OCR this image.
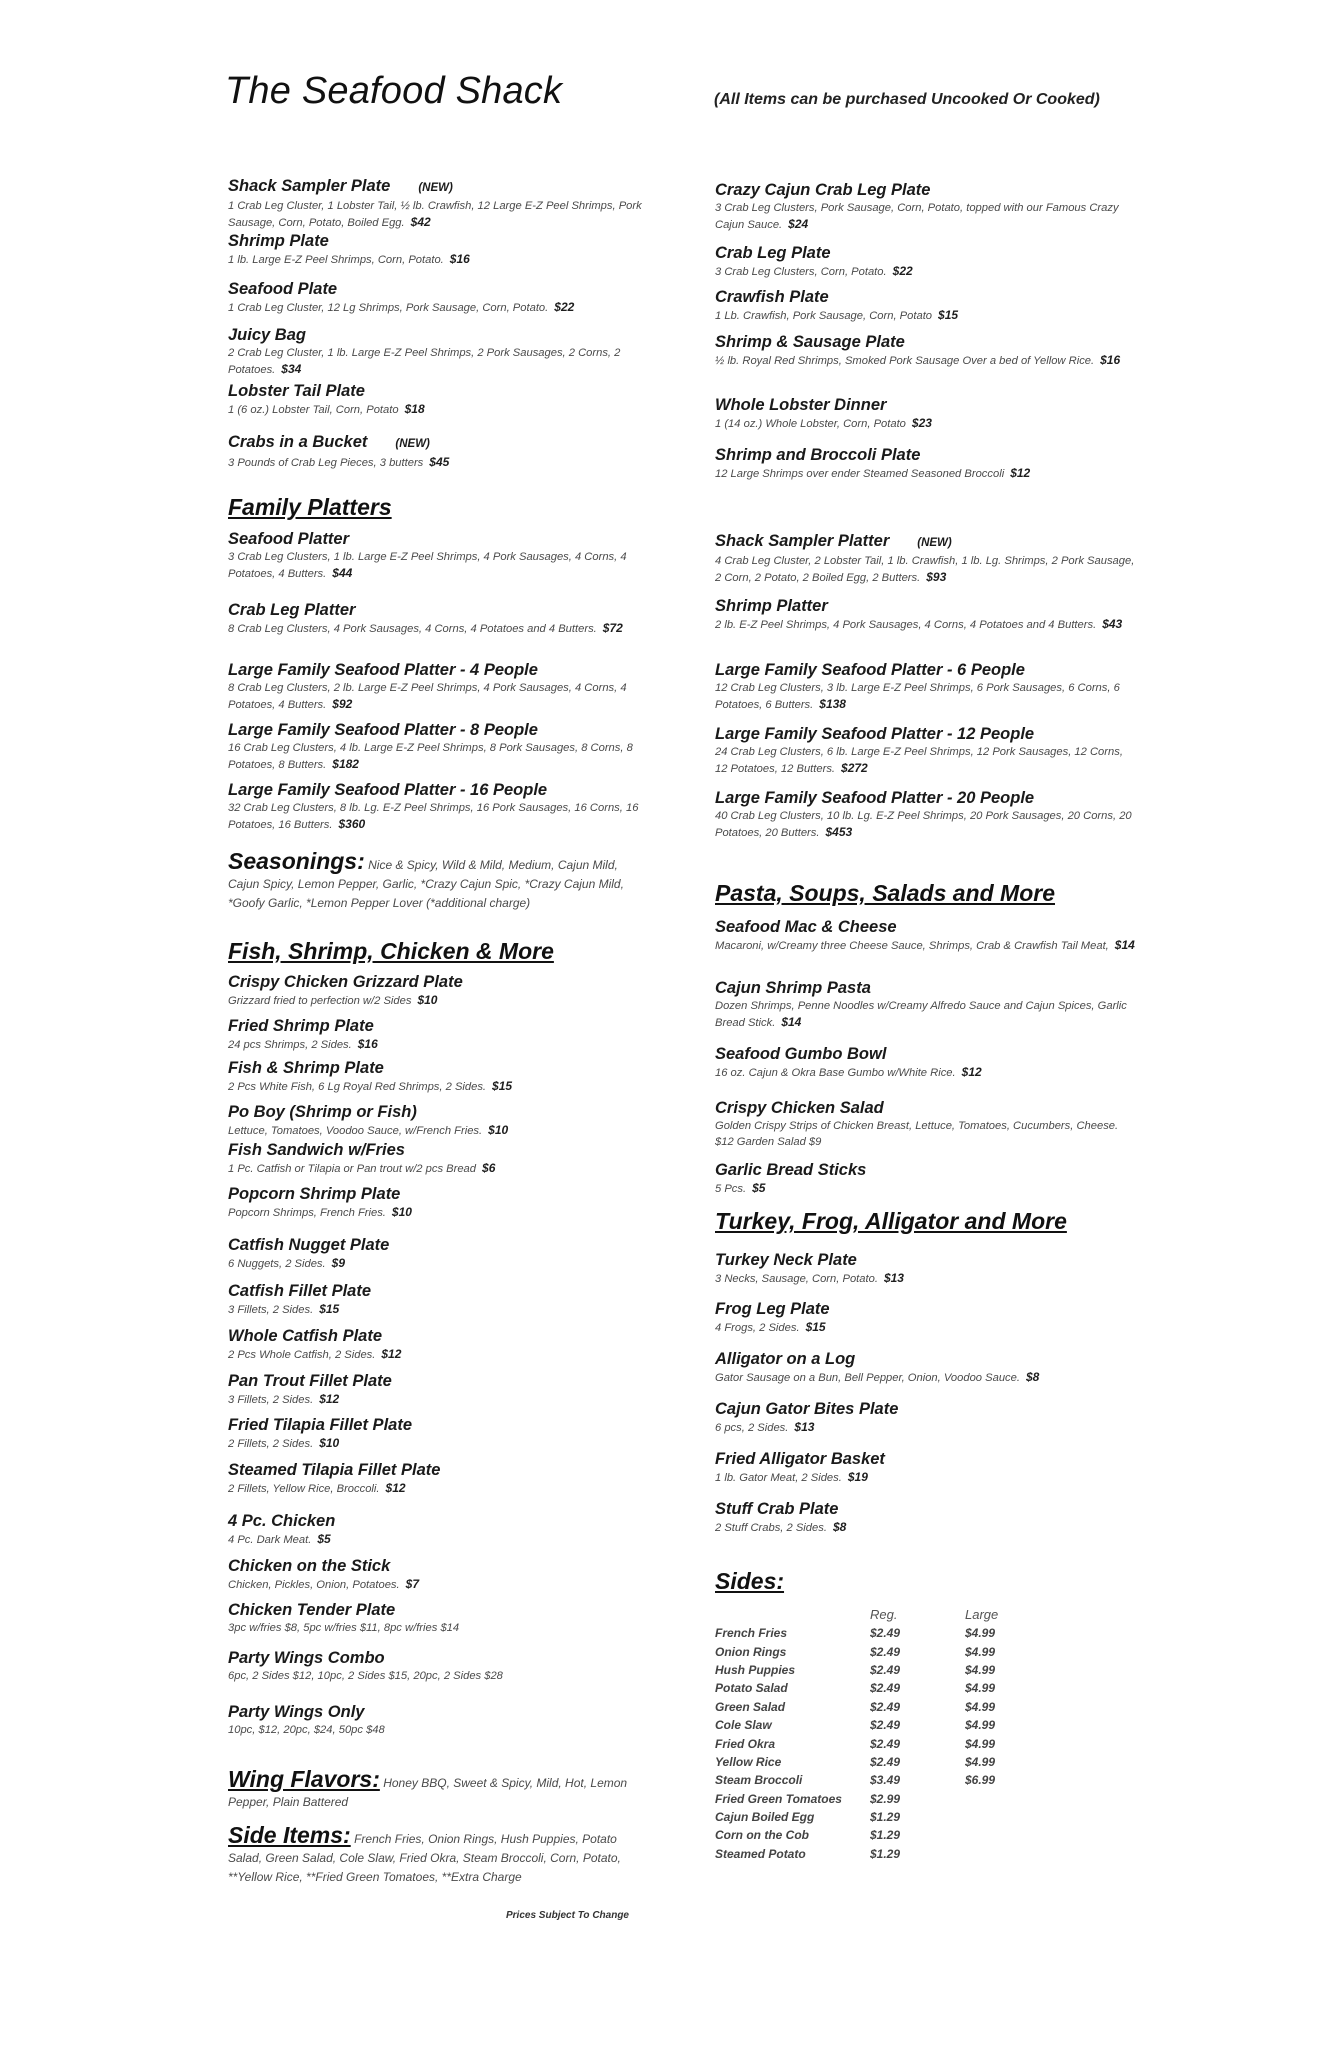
The Seafood Shack	(All Items can be purchased Uncooked Or Cooked)
Shack Sampler Plate (NEW)
1 Crab Leg Cluster, 1 Lobster Tail, ½ lb. Crawfish, 12 Large E-Z Peel Shrimps, Pork Sausage, Corn, Potato, Boiled Egg. $42
Shrimp Plate
1 lb. Large E-Z Peel Shrimps, Corn, Potato. $16
Seafood Plate
1 Crab Leg Cluster, 12 Lg Shrimps, Pork Sausage, Corn, Potato. $22
Juicy Bag
2 Crab Leg Cluster, 1 lb. Large E-Z Peel Shrimps, 2 Pork Sausages, 2 Corns, 2 Potatoes. $34
Lobster Tail Plate
1 (6 oz.) Lobster Tail, Corn, Potato $18
Crabs in a Bucket (NEW)
3 Pounds of Crab Leg Pieces, 3 butters $45
Family Platters
Seafood Platter
3 Crab Leg Clusters, 1 lb. Large E-Z Peel Shrimps, 4 Pork Sausages, 4 Corns, 4 Potatoes, 4 Butters. $44
Crab Leg Platter
8 Crab Leg Clusters, 4 Pork Sausages, 4 Corns, 4 Potatoes and 4 Butters. $72
Large Family Seafood Platter - 4 People
8 Crab Leg Clusters, 2 lb. Large E-Z Peel Shrimps, 4 Pork Sausages, 4 Corns, 4 Potatoes, 4 Butters. $92
Large Family Seafood Platter - 8 People
16 Crab Leg Clusters, 4 lb. Large E-Z Peel Shrimps, 8 Pork Sausages, 8 Corns, 8 Potatoes, 8 Butters. $182
Large Family Seafood Platter - 16 People
32 Crab Leg Clusters, 8 lb. Lg. E-Z Peel Shrimps, 16 Pork Sausages, 16 Corns, 16 Potatoes, 16 Butters. $360
Seasonings: Nice & Spicy, Wild & Mild, Medium, Cajun Mild, Cajun Spicy, Lemon Pepper, Garlic, *Crazy Cajun Spic, *Crazy Cajun Mild, *Goofy Garlic, *Lemon Pepper Lover (*additional charge)
Fish, Shrimp, Chicken & More
Crispy Chicken Grizzard Plate
Grizzard fried to perfection w/2 Sides $10
Fried Shrimp Plate
24 pcs Shrimps, 2 Sides. $16
Fish & Shrimp Plate
2 Pcs White Fish, 6 Lg Royal Red Shrimps, 2 Sides. $15
Po Boy (Shrimp or Fish)
Lettuce, Tomatoes, Voodoo Sauce, w/French Fries. $10
Fish Sandwich w/Fries
1 Pc. Catfish or Tilapia or Pan trout w/2 pcs Bread $6
Popcorn Shrimp Plate
Popcorn Shrimps, French Fries. $10
Catfish Nugget Plate
6 Nuggets, 2 Sides. $9
Catfish Fillet Plate
3 Fillets, 2 Sides. $15
Whole Catfish Plate
2 Pcs Whole Catfish, 2 Sides. $12
Pan Trout Fillet Plate
3 Fillets, 2 Sides. $12
Fried Tilapia Fillet Plate
2 Fillets, 2 Sides. $10
Steamed Tilapia Fillet Plate
2 Fillets, Yellow Rice, Broccoli. $12
4 Pc. Chicken
4 Pc. Dark Meat. $5
Chicken on the Stick
Chicken, Pickles, Onion, Potatoes. $7
Chicken Tender Plate
3pc w/fries $8, 5pc w/fries $11, 8pc w/fries $14
Party Wings Combo
6pc, 2 Sides $12, 10pc, 2 Sides $15, 20pc, 2 Sides $28
Party Wings Only
10pc, $12, 20pc, $24, 50pc $48
Wing Flavors: Honey BBQ, Sweet & Spicy, Mild, Hot, Lemon Pepper, Plain Battered
Side Items: French Fries, Onion Rings, Hush Puppies, Potato Salad, Green Salad, Cole Slaw, Fried Okra, Steam Broccoli, Corn, Potato, **Yellow Rice, **Fried Green Tomatoes, **Extra Charge
Crazy Cajun Crab Leg Plate
3 Crab Leg Clusters, Pork Sausage, Corn, Potato, topped with our Famous Crazy Cajun Sauce. $24
Crab Leg Plate
3 Crab Leg Clusters, Corn, Potato. $22
Crawfish Plate
1 Lb. Crawfish, Pork Sausage, Corn, Potato $15
Shrimp & Sausage Plate
½ lb. Royal Red Shrimps, Smoked Pork Sausage Over a bed of Yellow Rice. $16
Whole Lobster Dinner
1 (14 oz.) Whole Lobster, Corn, Potato $23
Shrimp and Broccoli Plate
12 Large Shrimps over ender Steamed Seasoned Broccoli $12
Shack Sampler Platter (NEW)
4 Crab Leg Cluster, 2 Lobster Tail, 1 lb. Crawfish, 1 lb. Lg. Shrimps, 2 Pork Sausage, 2 Corn, 2 Potato, 2 Boiled Egg, 2 Butters. $93
Shrimp Platter
2 lb. E-Z Peel Shrimps, 4 Pork Sausages, 4 Corns, 4 Potatoes and 4 Butters. $43
Large Family Seafood Platter - 6 People
12 Crab Leg Clusters, 3 lb. Large E-Z Peel Shrimps, 6 Pork Sausages, 6 Corns, 6 Potatoes, 6 Butters. $138
Large Family Seafood Platter - 12 People
24 Crab Leg Clusters, 6 lb. Large E-Z Peel Shrimps, 12 Pork Sausages, 12 Corns, 12 Potatoes, 12 Butters. $272
Large Family Seafood Platter - 20 People
40 Crab Leg Clusters, 10 lb. Lg. E-Z Peel Shrimps, 20 Pork Sausages, 20 Corns, 20 Potatoes, 20 Butters. $453
Pasta, Soups, Salads and More
Seafood Mac & Cheese
Macaroni, w/Creamy three Cheese Sauce, Shrimps, Crab & Crawfish Tail Meat, $14
Cajun Shrimp Pasta
Dozen Shrimps, Penne Noodles w/Creamy Alfredo Sauce and Cajun Spices, Garlic Bread Stick. $14
Seafood Gumbo Bowl
16 oz. Cajun & Okra Base Gumbo w/White Rice. $12
Crispy Chicken Salad
Golden Crispy Strips of Chicken Breast, Lettuce, Tomatoes, Cucumbers, Cheese. $12 Garden Salad $9
Garlic Bread Sticks
5 Pcs. $5
Turkey, Frog, Alligator and More
Turkey Neck Plate
3 Necks, Sausage, Corn, Potato. $13
Frog Leg Plate
4 Frogs, 2 Sides. $15
Alligator on a Log
Gator Sausage on a Bun, Bell Pepper, Onion, Voodoo Sauce. $8
Cajun Gator Bites Plate
6 pcs, 2 Sides. $13
Fried Alligator Basket
1 lb. Gator Meat, 2 Sides. $19
Stuff Crab Plate
2 Stuff Crabs, 2 Sides. $8
Sides:
	Reg.	Large
French Fries	$2.49	$4.99
Onion Rings	$2.49	$4.99
Hush Puppies	$2.49	$4.99
Potato Salad	$2.49	$4.99
Green Salad	$2.49	$4.99
Cole Slaw	$2.49	$4.99
Fried Okra	$2.49	$4.99
Yellow Rice	$2.49	$4.99
Steam Broccoli	$3.49	$6.99
Fried Green Tomatoes	$2.99	
Cajun Boiled Egg	$1.29	
Corn on the Cob	$1.29	
Steamed Potato	$1.29	
Prices Subject To Change
